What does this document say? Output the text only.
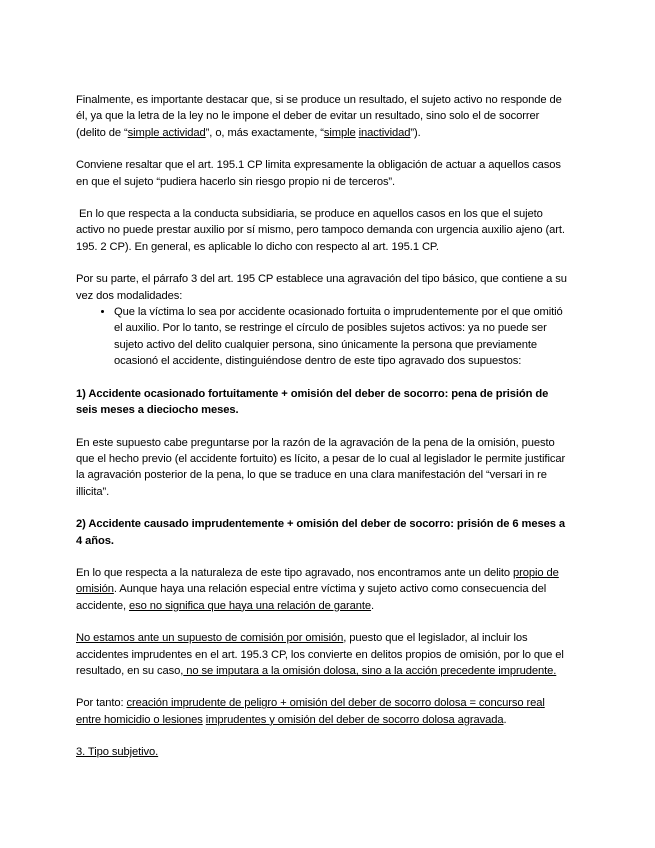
Finalmente, es importante destacar que, si se produce un resultado, el sujeto activo no responde de él, ya que la letra de la ley no le impone el deber de evitar un resultado, sino solo el de socorrer (delito de “simple actividad”, o, más exactamente, “simple inactividad”).

Conviene resaltar que el art. 195.1 CP limita expresamente la obligación de actuar a aquellos casos en que el sujeto “pudiera hacerlo sin riesgo propio ni de terceros”.

En lo que respecta a la conducta subsidiaria, se produce en aquellos casos en los que el sujeto activo no puede prestar auxilio por sí mismo, pero tampoco demanda con urgencia auxilio ajeno (art. 195. 2 CP). En general, es aplicable lo dicho con respecto al art. 195.1 CP.

Por su parte, el párrafo 3 del art. 195 CP establece una agravación del tipo básico, que contiene a su vez dos modalidades:

• Que la víctima lo sea por accidente ocasionado fortuita o imprudentemente por el que omitió el auxilio. Por lo tanto, se restringe el círculo de posibles sujetos activos: ya no puede ser sujeto activo del delito cualquier persona, sino únicamente la persona que previamente ocasionó el accidente, distinguiéndose dentro de este tipo agravado dos supuestos:

1) Accidente ocasionado fortuitamente + omisión del deber de socorro: pena de prisión de seis meses a dieciocho meses.

En este supuesto cabe preguntarse por la razón de la agravación de la pena de la omisión, puesto que el hecho previo (el accidente fortuito) es lícito, a pesar de lo cual al legislador le permite justificar la agravación posterior de la pena, lo que se traduce en una clara manifestación del “versari in re illicita”.

2) Accidente causado imprudentemente + omisión del deber de socorro: prisión de 6 meses a 4 años.

En lo que respecta a la naturaleza de este tipo agravado, nos encontramos ante un delito propio de omisión. Aunque haya una relación especial entre víctima y sujeto activo como consecuencia del accidente, eso no significa que haya una relación de garante.

No estamos ante un supuesto de comisión por omisión, puesto que el legislador, al incluir los accidentes imprudentes en el art. 195.3 CP, los convierte en delitos propios de omisión, por lo que el resultado, en su caso, no se imputara a la omisión dolosa, sino a la acción precedente imprudente.

Por tanto: creación imprudente de peligro + omisión del deber de socorro dolosa = concurso real entre homicidio o lesiones imprudentes y omisión del deber de socorro dolosa agravada.

3. Tipo subjetivo.
